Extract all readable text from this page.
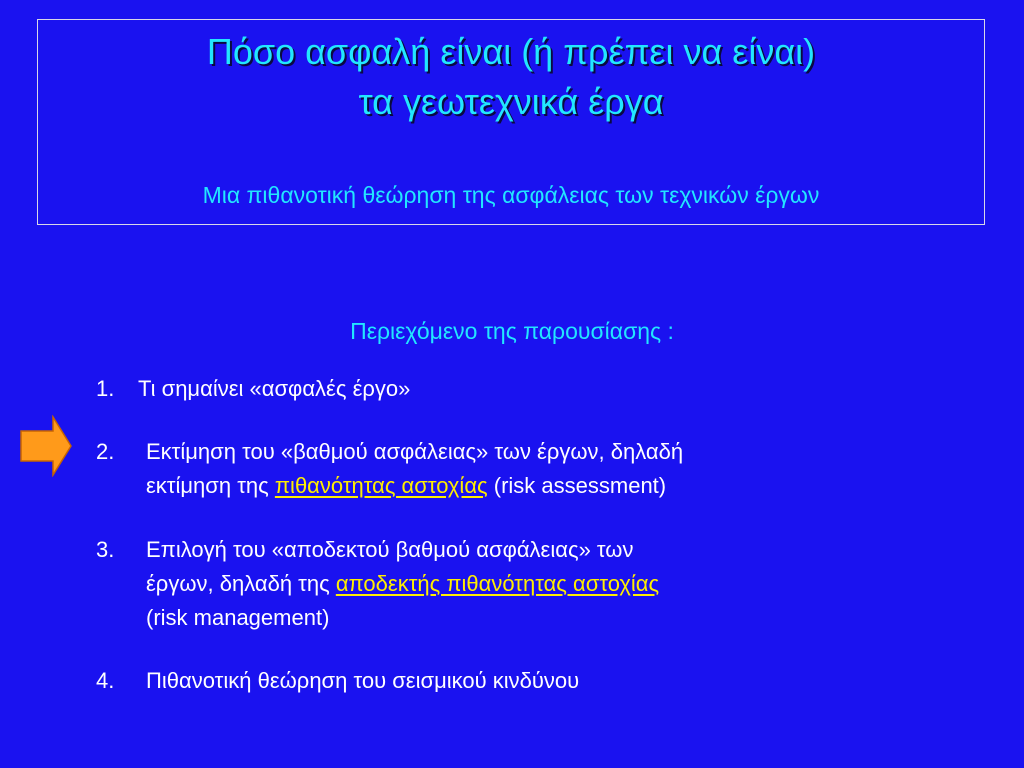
Πόσο ασφαλή είναι (ή πρέπει να είναι)
τα γεωτεχνικά έργα
Μια πιθανοτική θεώρηση της ασφάλειας των τεχνικών έργων
Περιεχόμενο της παρουσίασης :
1. Τι σημαίνει «ασφαλές έργο»
2. Εκτίμηση του «βαθμού ασφάλειας» των έργων, δηλαδή
εκτίμηση της πιθανότητας αστοχίας (risk assessment)
3. Επιλογή του «αποδεκτού βαθμού ασφάλειας» των
έργων, δηλαδή της αποδεκτής πιθανότητας αστοχίας
(risk management)
4. Πιθανοτική θεώρηση του σεισμικού κινδύνου
